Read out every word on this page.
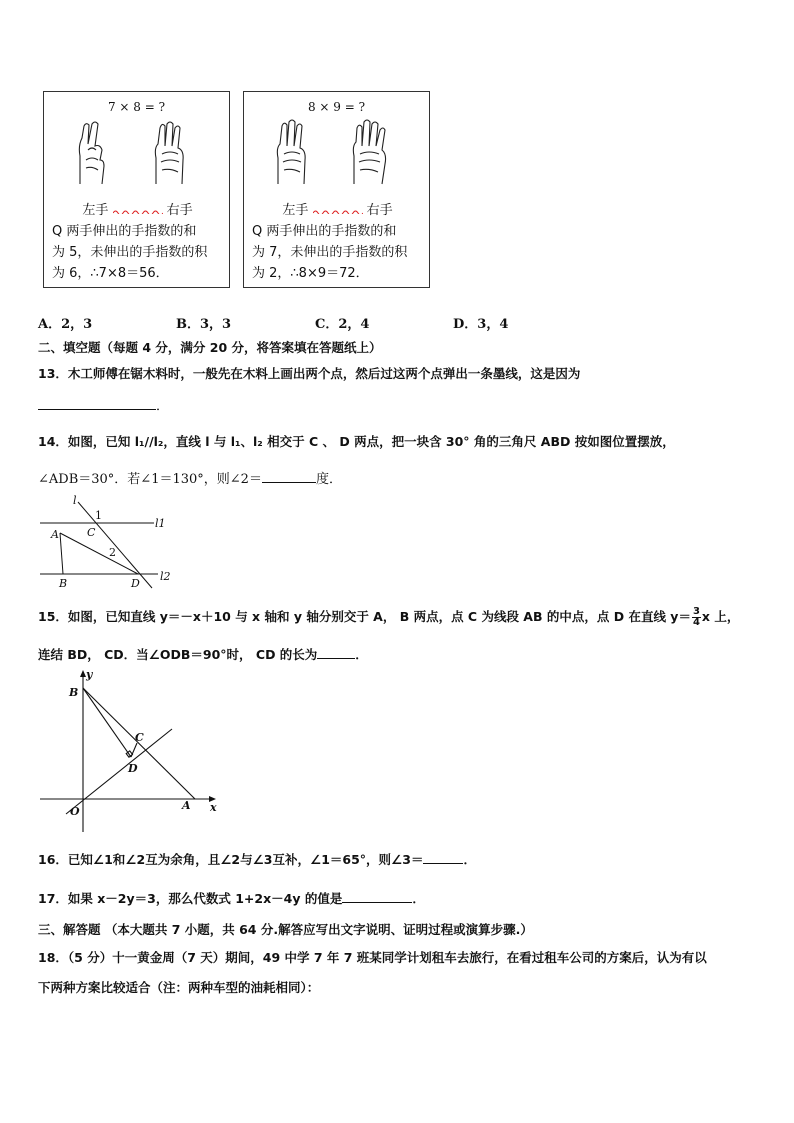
7 × 8 = ?
左手	右手
Q 两手伸出的手指数的和
为 5，未伸出的手指数的积
为 6，∴7×8＝56．
8 × 9 = ?
左手	右手
Q 两手伸出的手指数的和
为 7，未伸出的手指数的积
为 2，∴8×9＝72．
A．2，3	B．3，3	C．2，4	D．3，4
二、填空题（每题 4 分，满分 20 分，将答案填在答题纸上）
13．木工师傅在锯木料时，一般先在木料上画出两个点，然后过这两个点弹出一条墨线，这是因为
．
14．如图，已知 l₁//l₂，直线 l 与 l₁、l₂ 相交于 C 、 D 两点，把一块含 30° 角的三角尺 ABD 按如图位置摆放，
∠ADB＝30°．若∠1＝130°，则∠2＝	度．
l
l1
l2
A
B
C
D
1
2
15．如图，已知直线 y＝－x＋10 与 x 轴和 y 轴分别交于 A， B 两点，点 C 为线段 AB 的中点，点 D 在直线 $y= \frac{3}{4}x$ 上，
连结 BD， CD．当∠ODB＝90°时， CD 的长为	．
y
x
B
C
D
O	A
16．已知∠1和∠2互为余角，且∠2与∠3互补，∠1＝65°，则∠3＝	．
17．如果 x－2y＝3，那么代数式 1+2x－4y 的值是	．
三、解答题 （本大题共 7 小题，共 64 分.解答应写出文字说明、证明过程或演算步骤.）
18．（5 分）十一黄金周（7 天）期间，49 中学 7 年 7 班某同学计划租车去旅行，在看过租车公司的方案后，认为有以
下两种方案比较适合（注：两种车型的油耗相同）：
